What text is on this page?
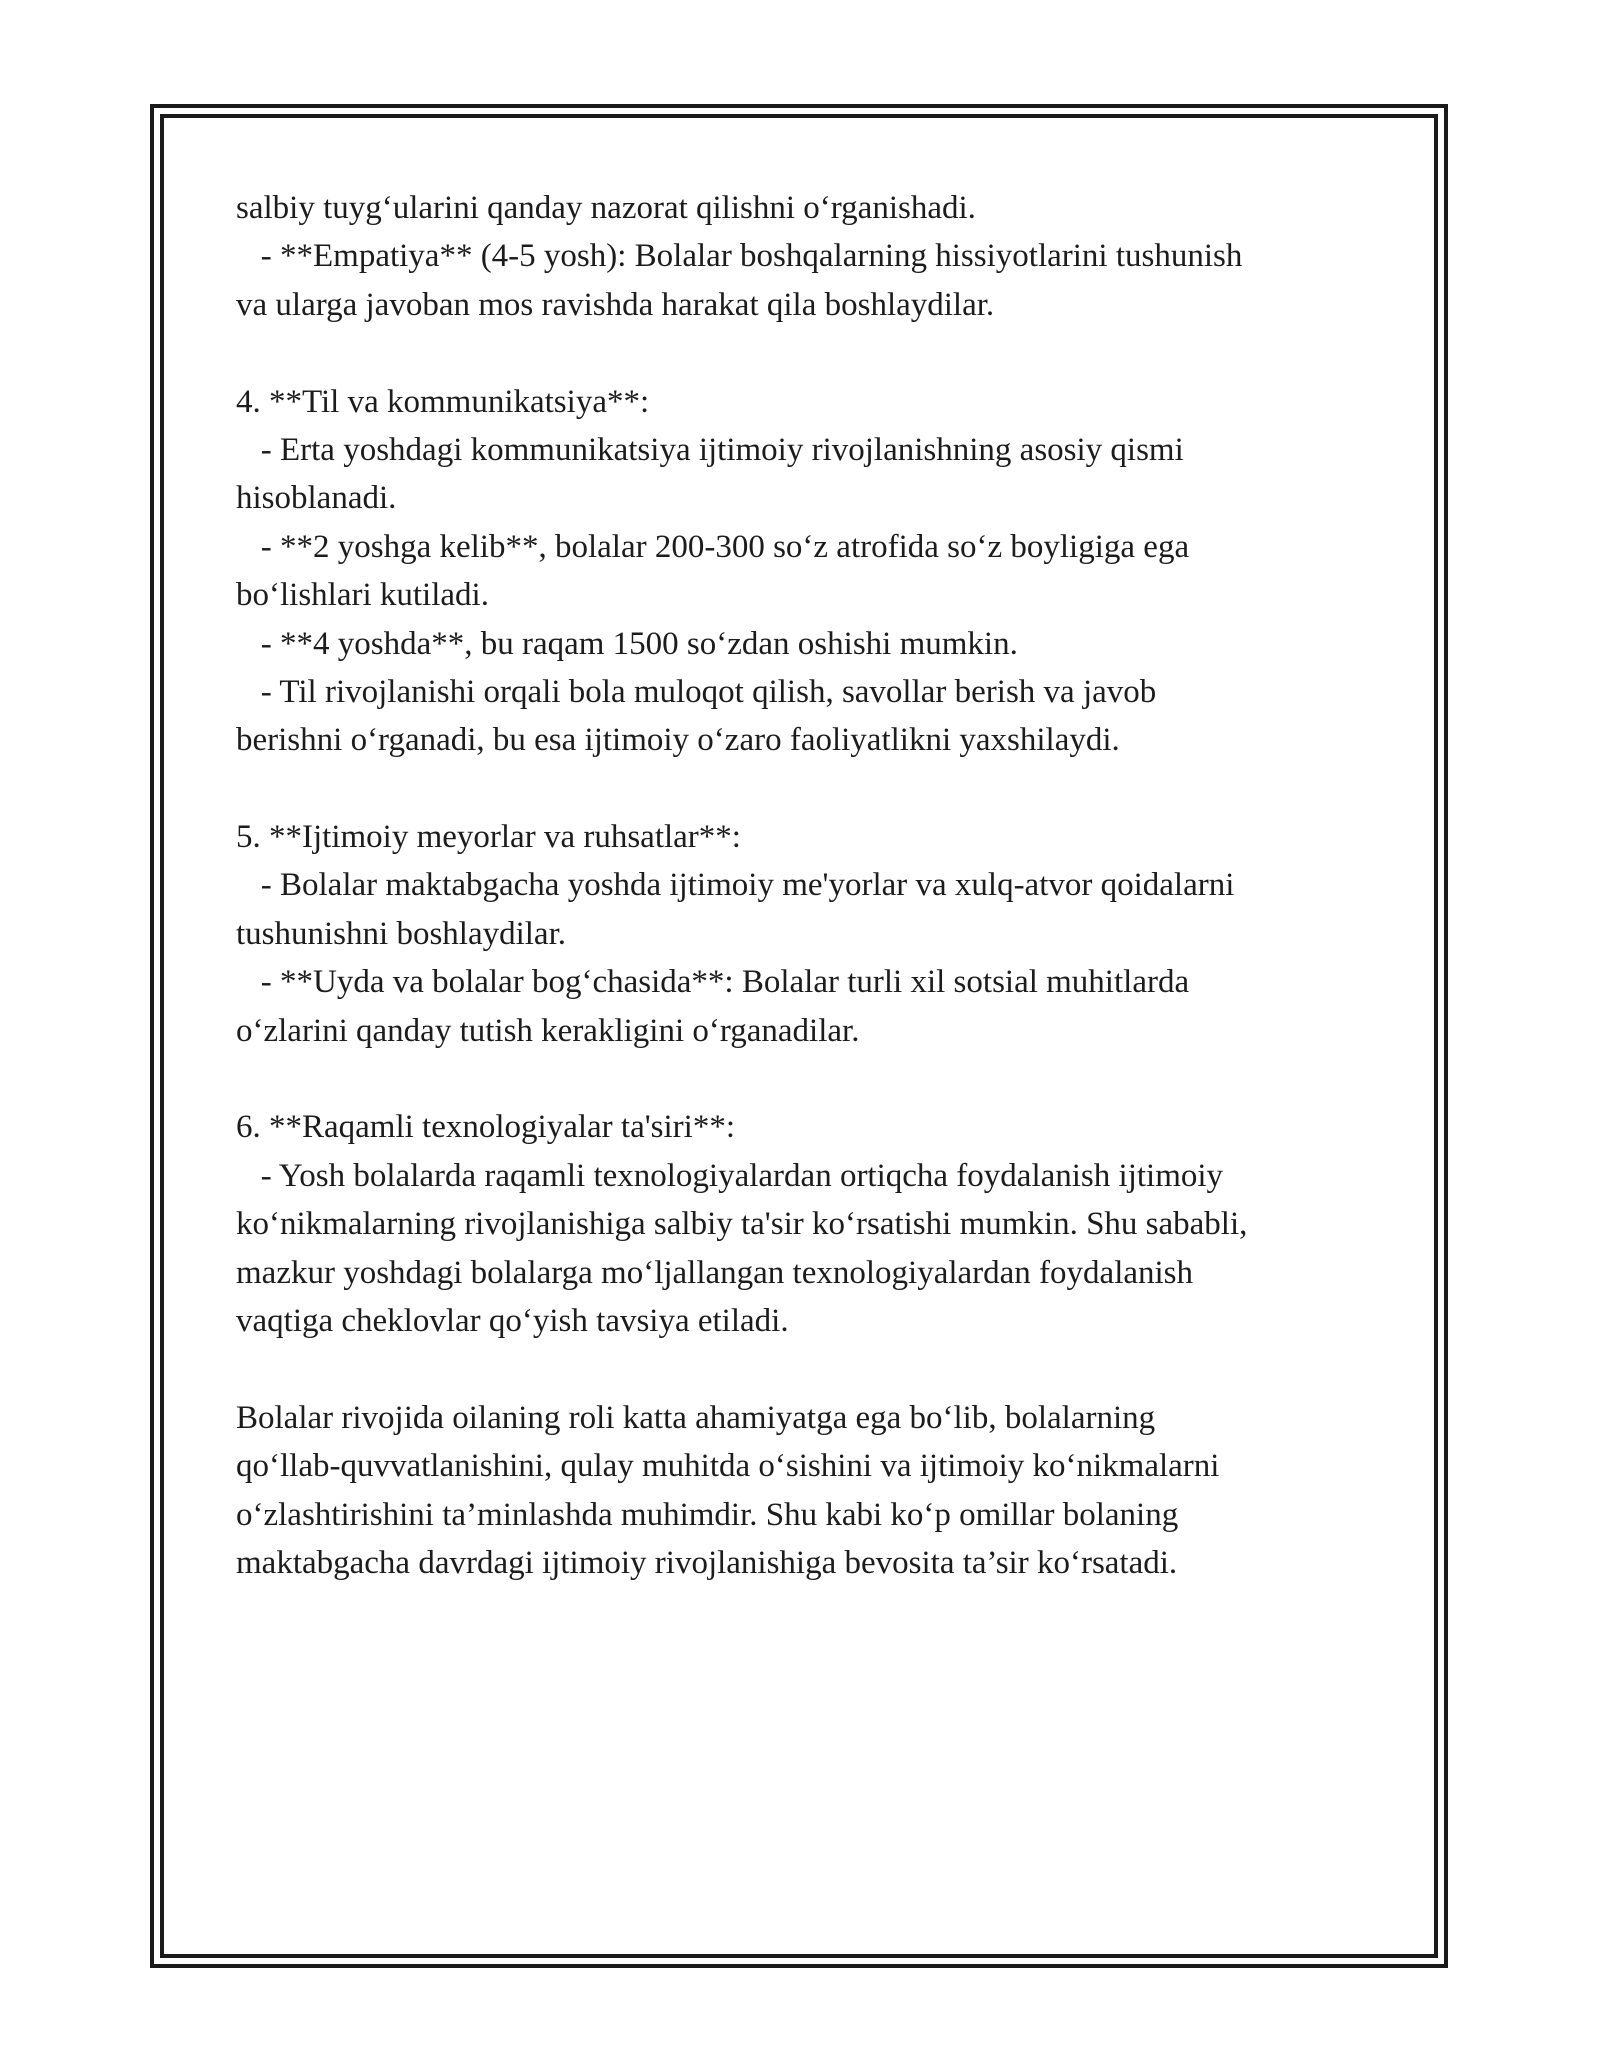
salbiy tuyg‘ularini qanday nazorat qilishni o‘rganishadi.
- **Empatiya** (4-5 yosh): Bolalar boshqalarning hissiyotlarini tushunish
va ularga javoban mos ravishda harakat qila boshlaydilar.
4. **Til va kommunikatsiya**:
- Erta yoshdagi kommunikatsiya ijtimoiy rivojlanishning asosiy qismi
hisoblanadi.
- **2 yoshga kelib**, bolalar 200-300 so‘z atrofida so‘z boyligiga ega
bo‘lishlari kutiladi.
- **4 yoshda**, bu raqam 1500 so‘zdan oshishi mumkin.
- Til rivojlanishi orqali bola muloqot qilish, savollar berish va javob
berishni o‘rganadi, bu esa ijtimoiy o‘zaro faoliyatlikni yaxshilaydi.
5. **Ijtimoiy meyorlar va ruhsatlar**:
- Bolalar maktabgacha yoshda ijtimoiy me'yorlar va xulq-atvor qoidalarni
tushunishni boshlaydilar.
- **Uyda va bolalar bog‘chasida**: Bolalar turli xil sotsial muhitlarda
o‘zlarini qanday tutish kerakligini o‘rganadilar.
6. **Raqamli texnologiyalar ta'siri**:
- Yosh bolalarda raqamli texnologiyalardan ortiqcha foydalanish ijtimoiy
ko‘nikmalarning rivojlanishiga salbiy ta'sir ko‘rsatishi mumkin. Shu sababli,
mazkur yoshdagi bolalarga mo‘ljallangan texnologiyalardan foydalanish
vaqtiga cheklovlar qo‘yish tavsiya etiladi.
Bolalar rivojida oilaning roli katta ahamiyatga ega bo‘lib, bolalarning
qo‘llab-quvvatlanishini, qulay muhitda o‘sishini va ijtimoiy ko‘nikmalarni
o‘zlashtirishini ta’minlashda muhimdir. Shu kabi ko‘p omillar bolaning
maktabgacha davrdagi ijtimoiy rivojlanishiga bevosita ta’sir ko‘rsatadi.
